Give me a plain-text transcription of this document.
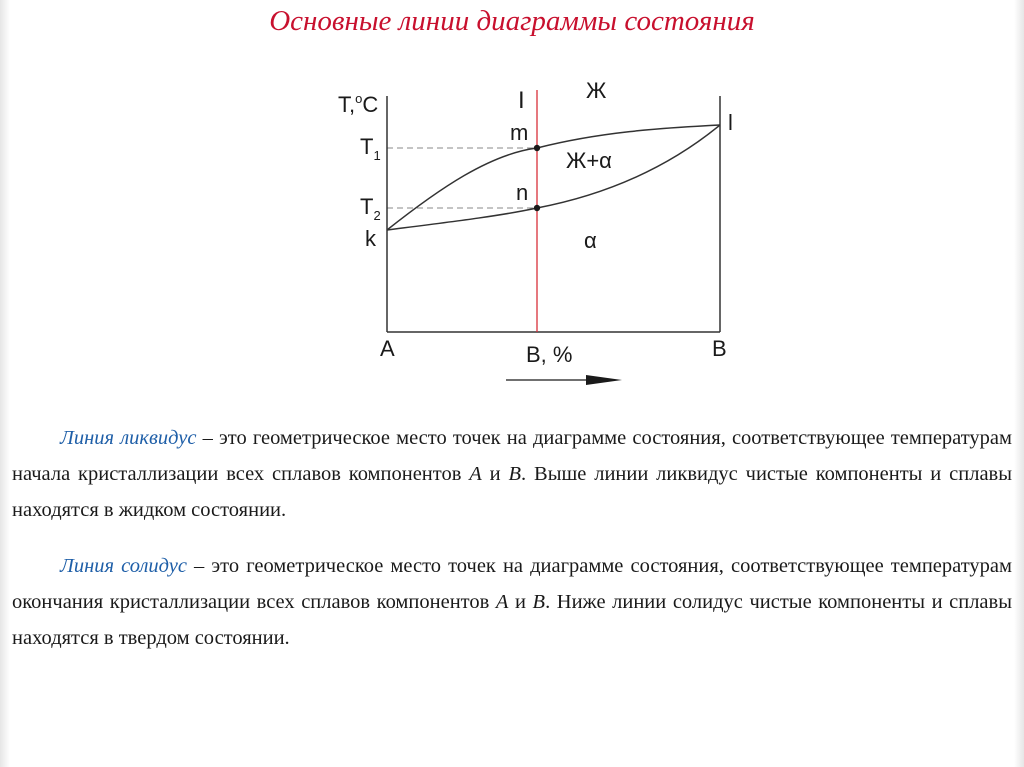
Основные линии диаграммы состояния
T,$^o$C
$T_1$
$T_2$
k
l
m
n
I	Ж
Ж+α
α
A	B
B, %

Линия ликвидус – это геометрическое место точек на диаграмме состояния, соответствующее температурам начала кристаллизации всех сплавов компонентов А и В. Выше линии ликвидус чистые компоненты и сплавы находятся в жидком состоянии.

Линия солидус – это геометрическое место точек на диаграмме состояния, соответствующее температурам окончания кристаллизации всех сплавов компонентов А и В. Ниже линии солидус чистые компоненты и сплавы находятся в твердом состоянии.
